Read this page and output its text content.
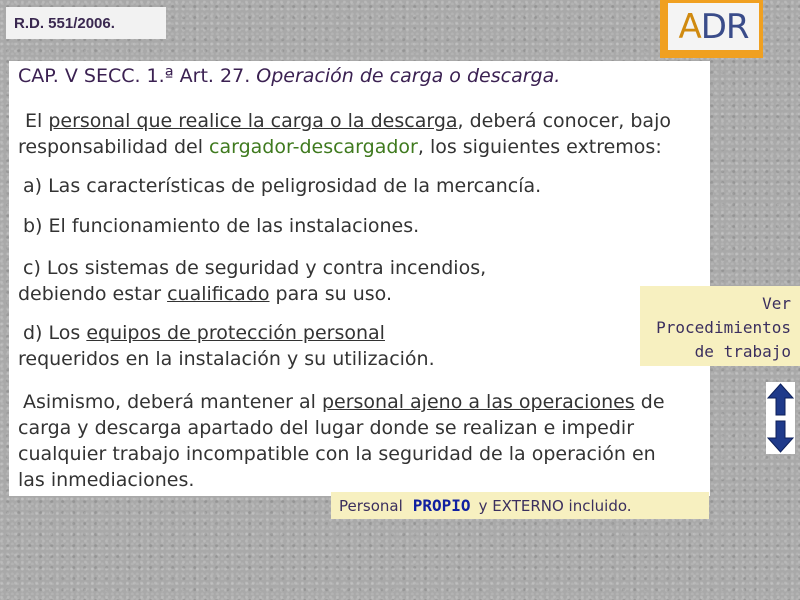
R.D. 551/2006.	A DR

CAP. V SECC. 1.ª Art. 27. Operación de carga o descarga.

El personal que realice la carga o la descarga, deberá conocer, bajo

responsabilidad del cargador-descargador, los siguientes extremos:

a) Las características de peligrosidad de la mercancía.

b) El funcionamiento de las instalaciones.

c) Los sistemas de seguridad y contra incendios,

debiendo estar cualificado para su uso.

d) Los equipos de protección personal

requeridos en la instalación y su utilización.

Asimismo, deberá mantener al personal ajeno a las operaciones de

carga y descarga apartado del lugar donde se realizan e impedir

cualquier trabajo incompatible con la seguridad de la operación en

las inmediaciones.

Personal PROPIO y EXTERNO incluido.
Ver
Procedimientos
de trabajo
